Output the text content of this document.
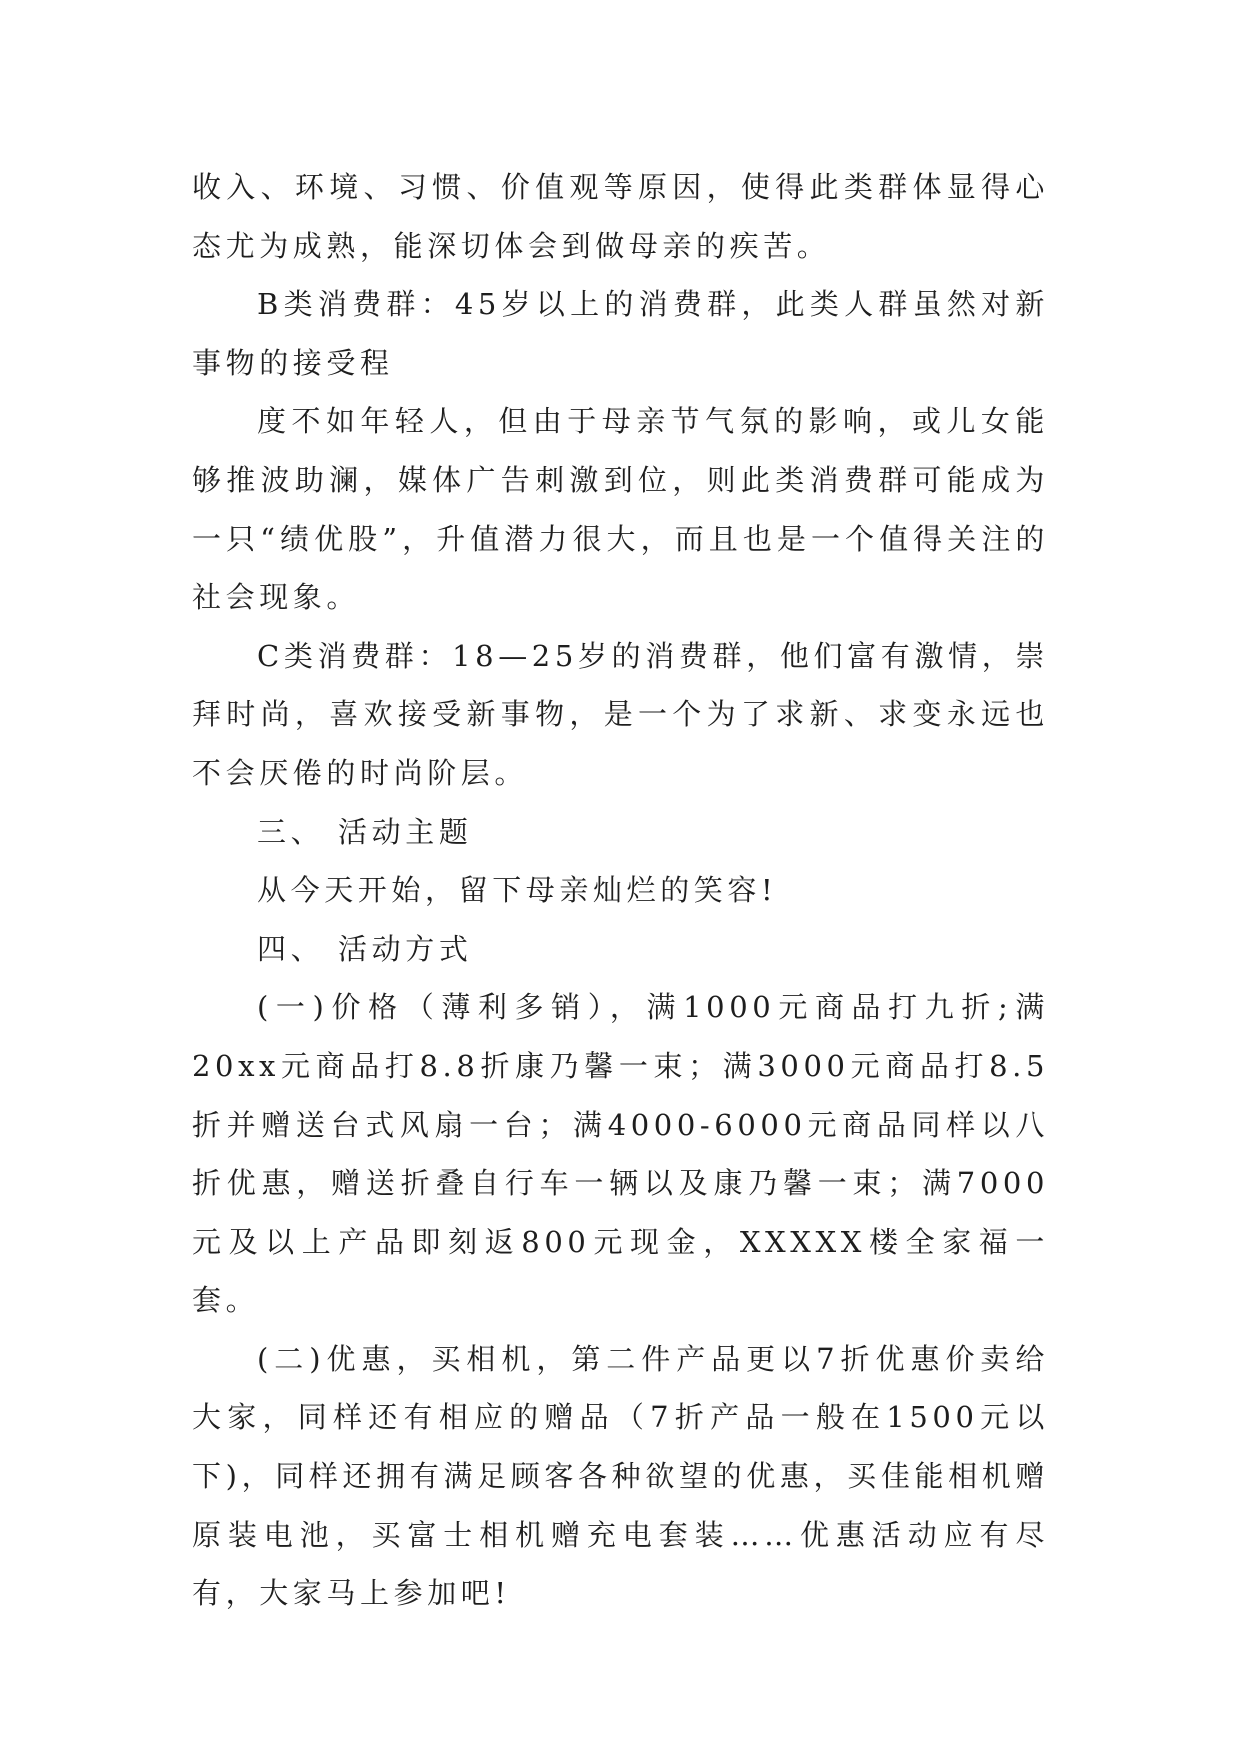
收入、环境、习惯、价值观等原因，使得此类群体显得心态尤为成熟，能深切体会到做母亲的疾苦。

B类消费群：45岁以上的消费群，此类人群虽然对新事物的接受程

度不如年轻人，但由于母亲节气氛的影响，或儿女能够推波助澜，媒体广告刺激到位，则此类消费群可能成为一只“绩优股”，升值潜力很大，而且也是一个值得关注的社会现象。

C类消费群：18—25岁的消费群，他们富有激情，崇拜时尚，喜欢接受新事物，是一个为了求新、求变永远也不会厌倦的时尚阶层。

三、 活动主题

从今天开始，留下母亲灿烂的笑容!

四、 活动方式

(一)价格（薄利多销），满1000元商品打九折;满20xx元商品打8.8折康乃馨一束；满3000元商品打8.5折并赠送台式风扇一台；满4000-6000元商品同样以八折优惠，赠送折叠自行车一辆以及康乃馨一束；满7000元及以上产品即刻返800元现金，XXXXX楼全家福一套。

(二)优惠，买相机，第二件产品更以7折优惠价卖给大家，同样还有相应的赠品（7折产品一般在1500元以下)，同样还拥有满足顾客各种欲望的优惠，买佳能相机赠原装电池，买富士相机赠充电套装……优惠活动应有尽有，大家马上参加吧!
